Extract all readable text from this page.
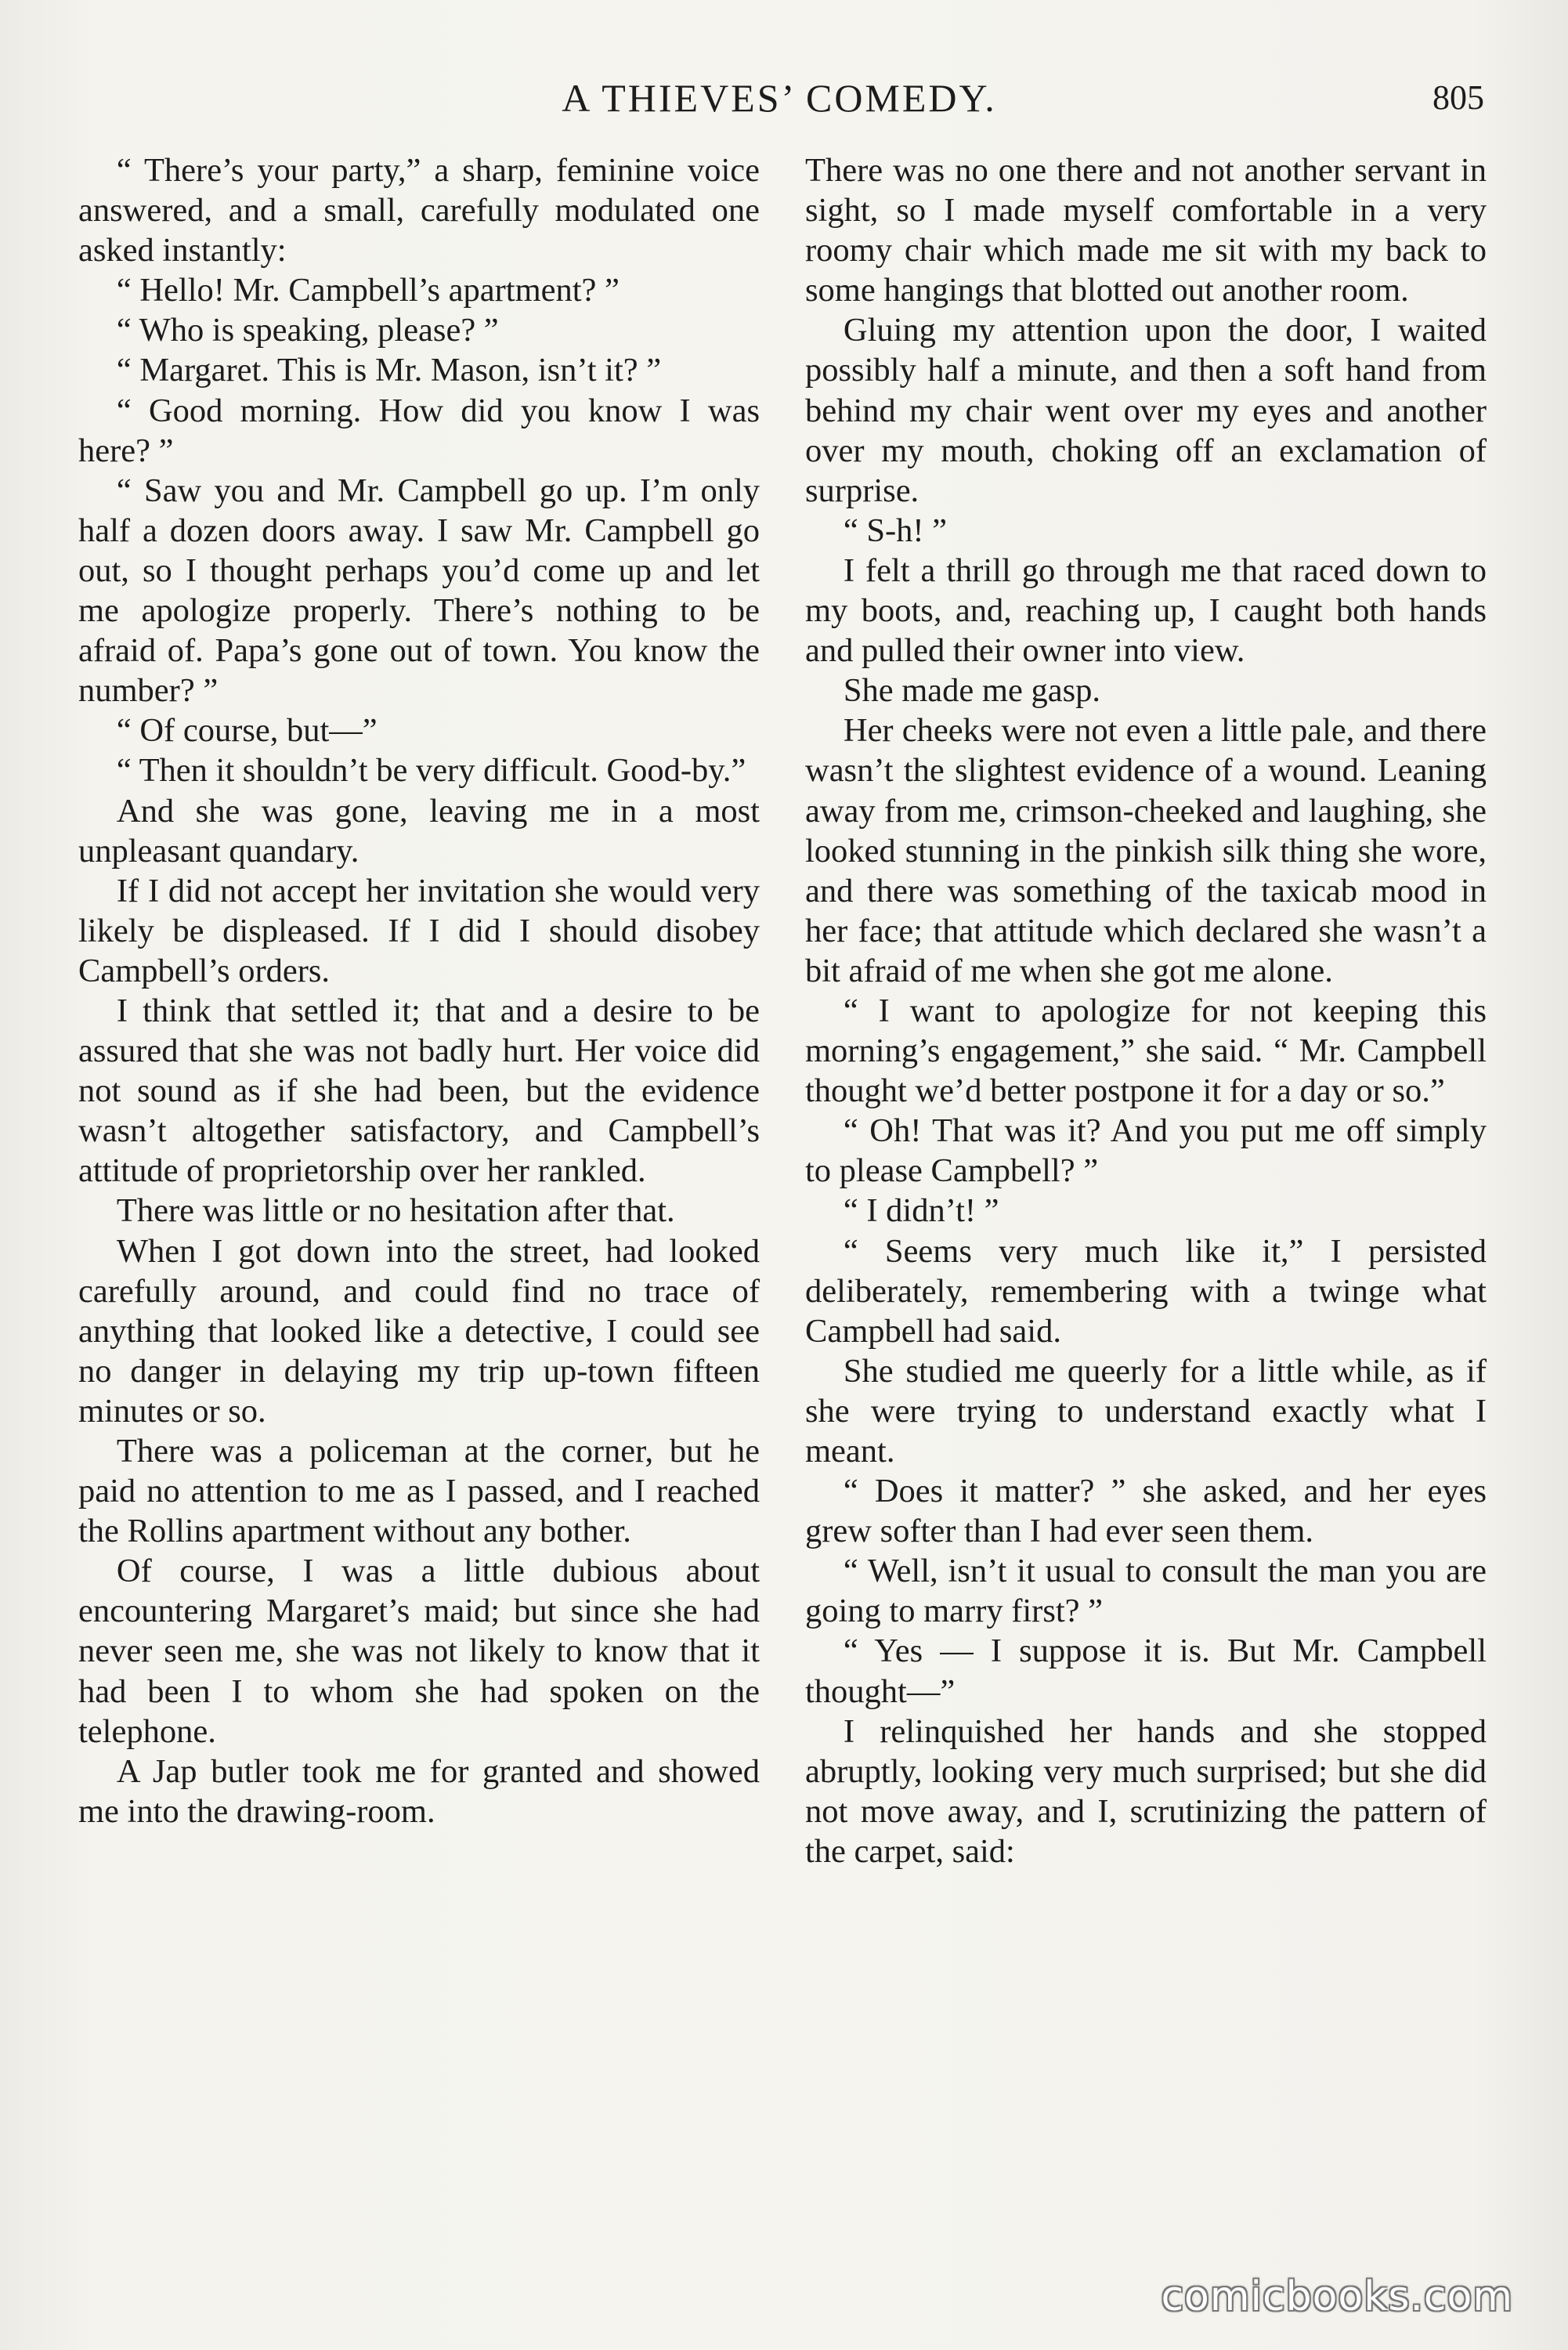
A THIEVES’ COMEDY.	805

“ There’s your party,” a sharp, feminine voice answered, and a small, carefully modulated one asked instantly:

“ Hello! Mr. Campbell’s apartment? ”

“ Who is speaking, please? ”

“ Margaret. This is Mr. Mason, isn’t it? ”

“ Good morning. How did you know I was here? ”

“ Saw you and Mr. Campbell go up. I’m only half a dozen doors away. I saw Mr. Campbell go out, so I thought perhaps you’d come up and let me apologize properly. There’s nothing to be afraid of. Papa’s gone out of town. You know the number? ”

“ Of course, but—”

“ Then it shouldn’t be very difficult. Good-by.”

And she was gone, leaving me in a most unpleasant quandary.

If I did not accept her invitation she would very likely be displeased. If I did I should disobey Campbell’s orders.

I think that settled it; that and a desire to be assured that she was not badly hurt. Her voice did not sound as if she had been, but the evidence wasn’t altogether satisfactory, and Campbell’s attitude of proprietorship over her rankled.

There was little or no hesitation after that.

When I got down into the street, had looked carefully around, and could find no trace of anything that looked like a detective, I could see no danger in delaying my trip up-town fifteen minutes or so.

There was a policeman at the corner, but he paid no attention to me as I passed, and I reached the Rollins apartment without any bother.

Of course, I was a little dubious about encountering Margaret’s maid; but since she had never seen me, she was not likely to know that it had been I to whom she had spoken on the telephone.

A Jap butler took me for granted and showed me into the drawing-room.

There was no one there and not another servant in sight, so I made myself comfortable in a very roomy chair which made me sit with my back to some hangings that blotted out another room.

Gluing my attention upon the door, I waited possibly half a minute, and then a soft hand from behind my chair went over my eyes and another over my mouth, choking off an exclamation of surprise.

“ S-h! ”

I felt a thrill go through me that raced down to my boots, and, reaching up, I caught both hands and pulled their owner into view.

She made me gasp.

Her cheeks were not even a little pale, and there wasn’t the slightest evidence of a wound. Leaning away from me, crimson-cheeked and laughing, she looked stunning in the pinkish silk thing she wore, and there was something of the taxicab mood in her face; that attitude which declared she wasn’t a bit afraid of me when she got me alone.

“ I want to apologize for not keeping this morning’s engagement,” she said. “ Mr. Campbell thought we’d better postpone it for a day or so.”

“ Oh! That was it? And you put me off simply to please Campbell? ”

“ I didn’t! ”

“ Seems very much like it,” I persisted deliberately, remembering with a twinge what Campbell had said.

She studied me queerly for a little while, as if she were trying to understand exactly what I meant.

“ Does it matter? ” she asked, and her eyes grew softer than I had ever seen them.

“ Well, isn’t it usual to consult the man you are going to marry first? ”

“ Yes — I suppose it is. But Mr. Campbell thought—”

I relinquished her hands and she stopped abruptly, looking very much surprised; but she did not move away, and I, scrutinizing the pattern of the carpet, said:

comicbooks.com
